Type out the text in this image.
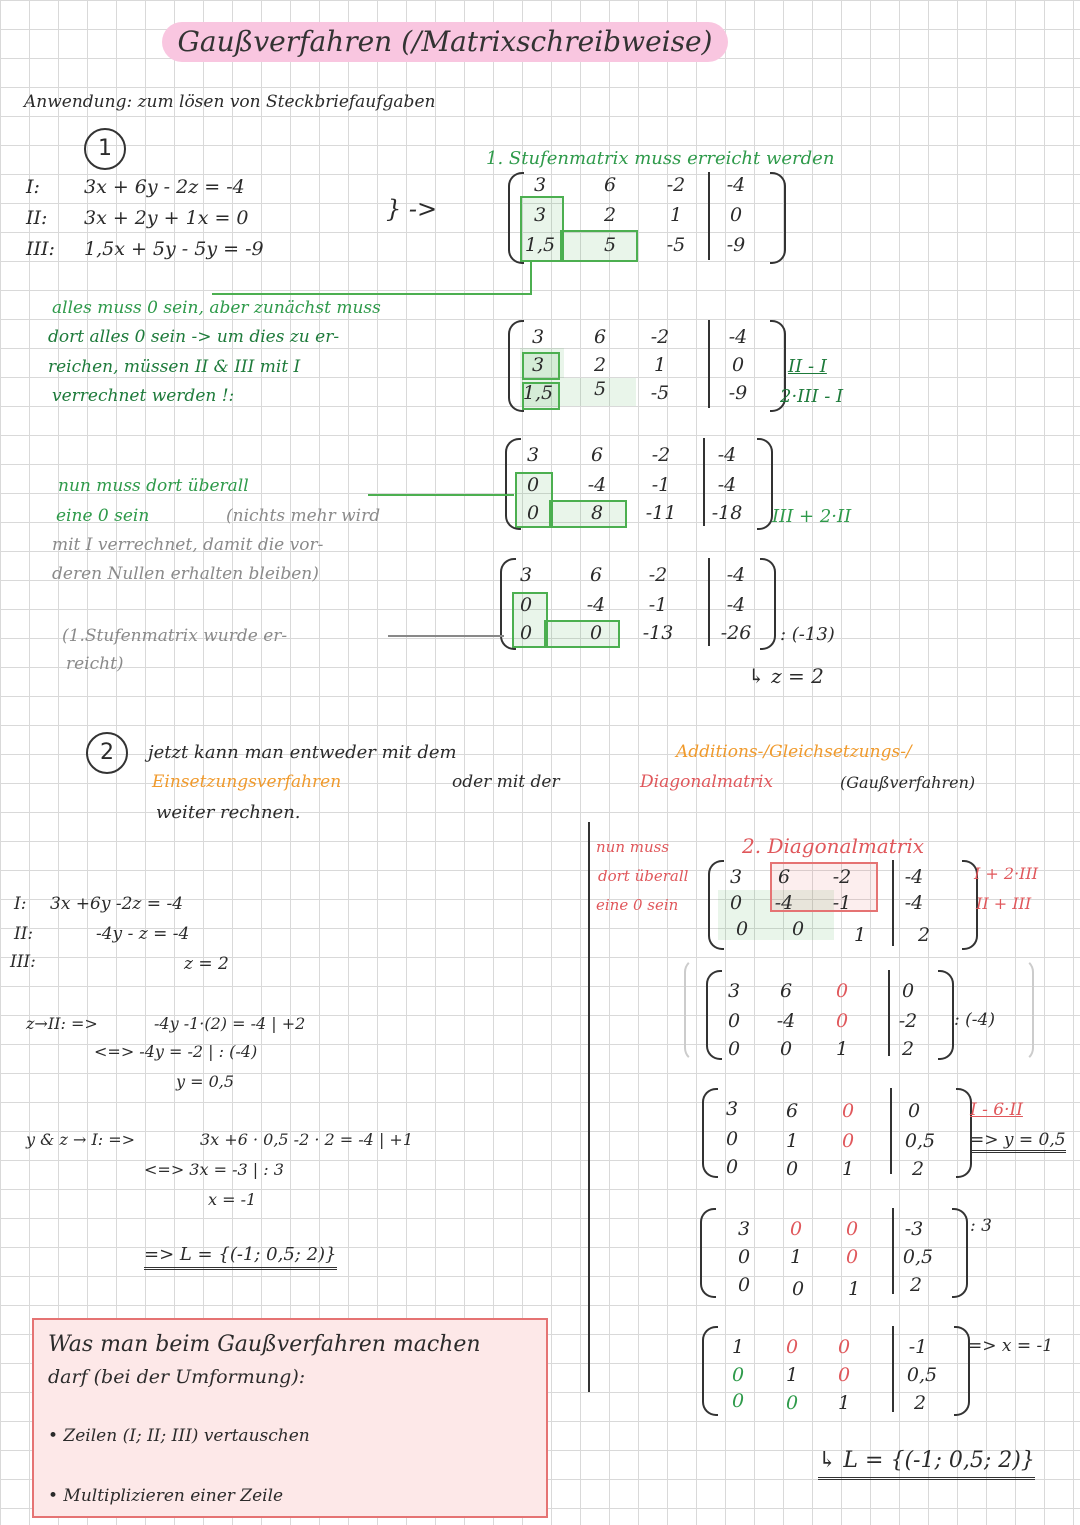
Gaußverfahren (/Matrixschreibweise)
Anwendung: zum lösen von Steckbriefaufgaben
1
I: 3x + 6y - 2z = -4
II: 3x + 2y + 1x = 0
III: 1,5x + 5y - 5y = -9
} ->
1. Stufenmatrix muss erreicht werden
3	6	-2	-4
3	2	1	0
1,5	5	-5	-9
alles muss 0 sein, aber zunächst muss
dort alles 0 sein -> um dies zu er-
reichen, müssen II & III mit I
verrechnet werden !:
3	6	-2	-4
3	2	1	0
1,5	5	-5	-9
II - I
2·III - I
3	6	-2	-4
0	-4	-1	-4
0	8	-11 -18 III + 2·II
nun muss dort überall
eine 0 sein	(nichts mehr wird
mit I verrechnet, damit die vor-
deren Nullen erhalten bleiben)	3	6	-2	-4
0	-4	-1	-4
0	0	-13 -26 : (-13)
(1.Stufenmatrix wurde er-
reicht)	↳ z = 2
2	jetzt kann man entweder mit dem	Additions-/Gleichsetzungs-/
Einsetzungsverfahren	oder mit der	Diagonalmatrix	(Gaußverfahren)
weiter rechnen.
I: 3x +6y -2z = -4
II:	-4y - z = -4
III:	z = 2
z→II: =>	-4y -1·(2) = -4 | +2
<=> -4y = -2 | : (-4)
y = 0,5
y & z → I: =>	3x +6 · 0,5 -2 · 2 = -4 | +1
<=> 3x = -3 | : 3
x = -1
=> L = {(-1; 0,5; 2)}
2. Diagonalmatrix
nun muss
dort überall
eine 0 sein
3	6	-2	-4
0	-4	-1	-4
0	0	1	2
I + 2·III
II + III
3	6	0	0
0	-4	0	-2
0	0	1	2
: (-4)
3	6	0	0
0	1	0	0,5
0	0	1	2
I - 6·II
=> y = 0,5
3	0	0	-3
0	1	0	0,5
0	0	1	2
: 3
1	0	0	-1
0	1	0	0,5
0	0	1	2
=> x = -1
↳ L = {(-1; 0,5; 2)}
Was man beim Gaußverfahren machen
darf (bei der Umformung):
• Zeilen (I; II; III) vertauschen
• Multiplizieren einer Zeile
